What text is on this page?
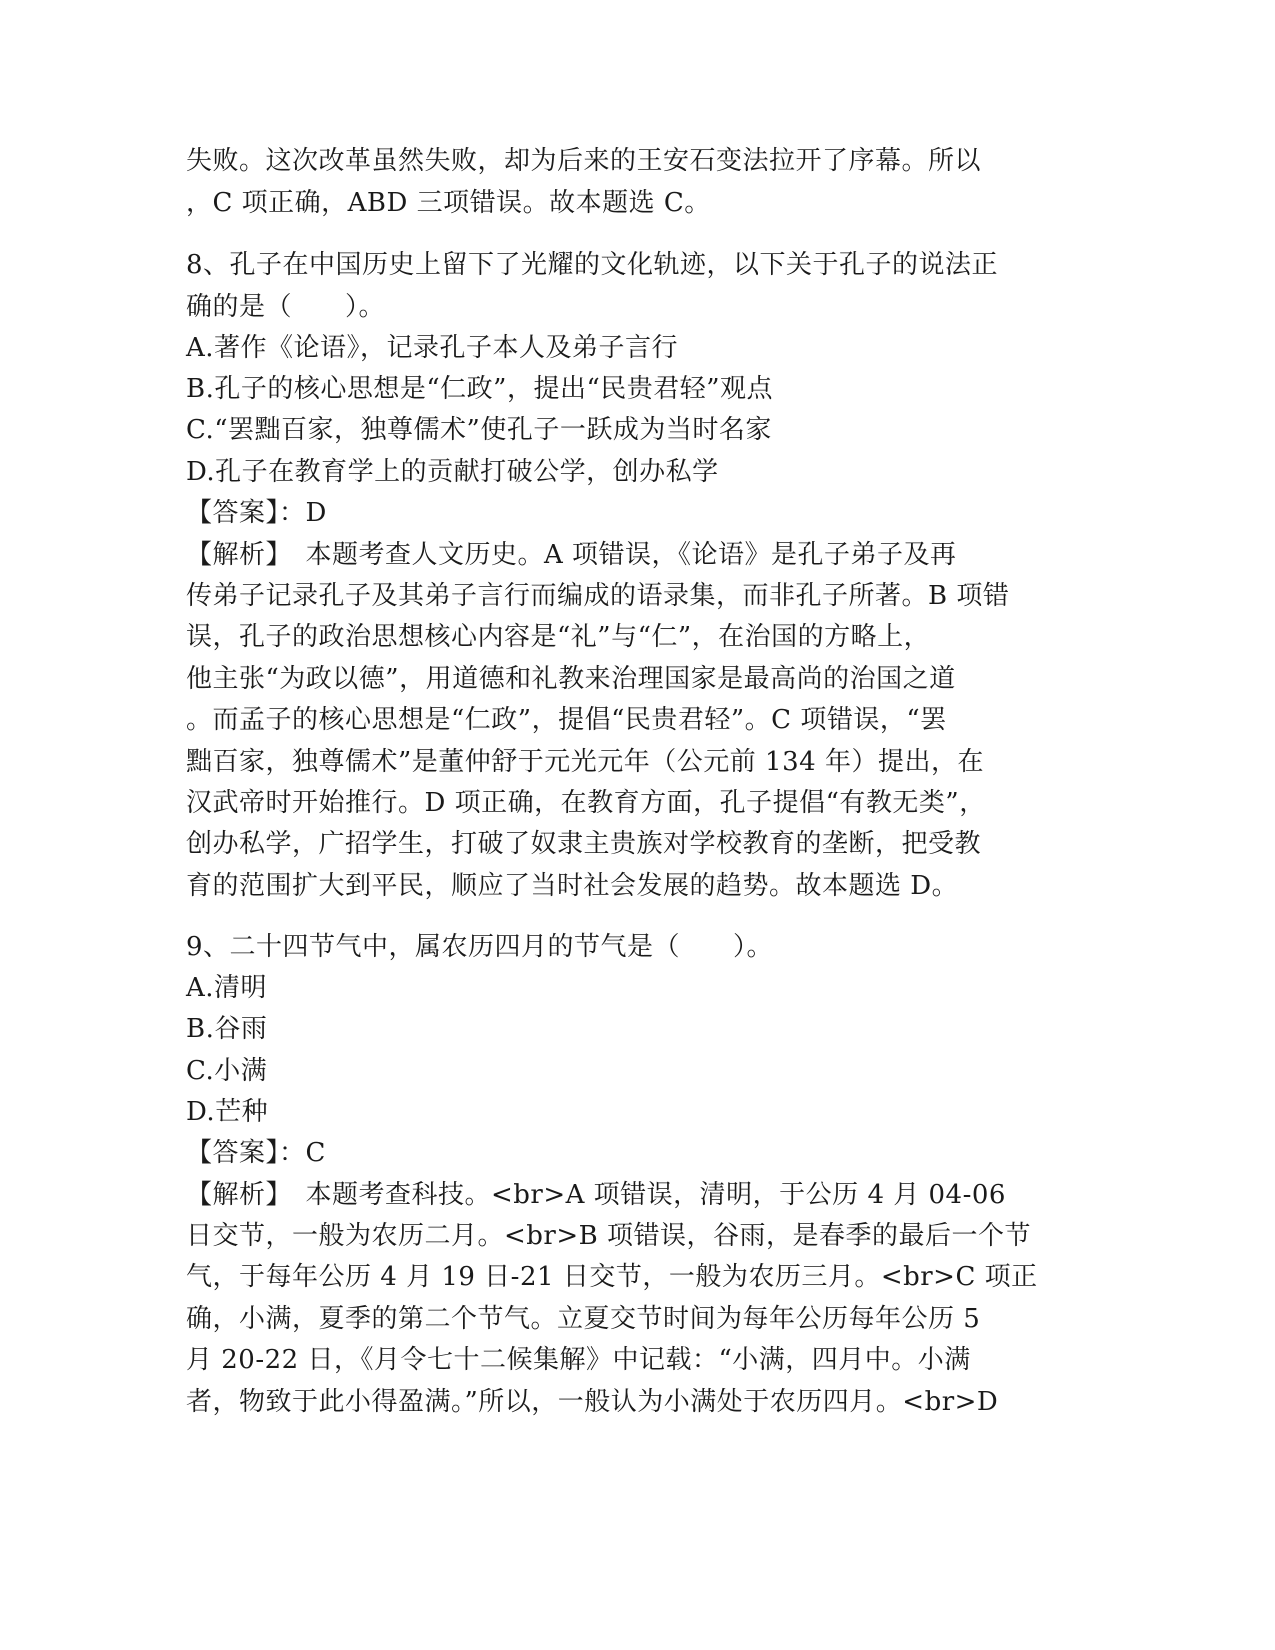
失败。这次改革虽然失败，却为后来的王安石变法拉开了序幕。所以
，C 项正确，ABD 三项错误。故本题选 C。
8、孔子在中国历史上留下了光耀的文化轨迹，以下关于孔子的说法正
确的是（　　）。
A.著作《论语》，记录孔子本人及弟子言行
B.孔子的核心思想是“仁政”，提出“民贵君轻”观点
C.“罢黜百家，独尊儒术”使孔子一跃成为当时名家
D.孔子在教育学上的贡献打破公学，创办私学
【答案】：D
【解析】　本题考查人文历史。A 项错误，《论语》是孔子弟子及再
传弟子记录孔子及其弟子言行而编成的语录集，而非孔子所著。B 项错
误，孔子的政治思想核心内容是“礼”与“仁”，在治国的方略上，
他主张“为政以德”，用道德和礼教来治理国家是最高尚的治国之道
。而孟子的核心思想是“仁政”，提倡“民贵君轻”。C 项错误，“罢
黜百家，独尊儒术”是董仲舒于元光元年（公元前 134 年）提出，在
汉武帝时开始推行。D 项正确，在教育方面，孔子提倡“有教无类”，
创办私学，广招学生，打破了奴隶主贵族对学校教育的垄断，把受教
育的范围扩大到平民，顺应了当时社会发展的趋势。故本题选 D。
9、二十四节气中，属农历四月的节气是（　　）。
A.清明
B.谷雨
C.小满
D.芒种
【答案】：C
【解析】　本题考查科技。<br>A 项错误，清明，于公历 4 月 04-06
日交节，一般为农历二月。<br>B 项错误，谷雨，是春季的最后一个节
气，于每年公历 4 月 19 日-21 日交节，一般为农历三月。<br>C 项正
确，小满，夏季的第二个节气。立夏交节时间为每年公历每年公历 5
月 20-22 日，《月令七十二候集解》中记载：“小满，四月中。小满
者，物致于此小得盈满。”所以，一般认为小满处于农历四月。<br>D
